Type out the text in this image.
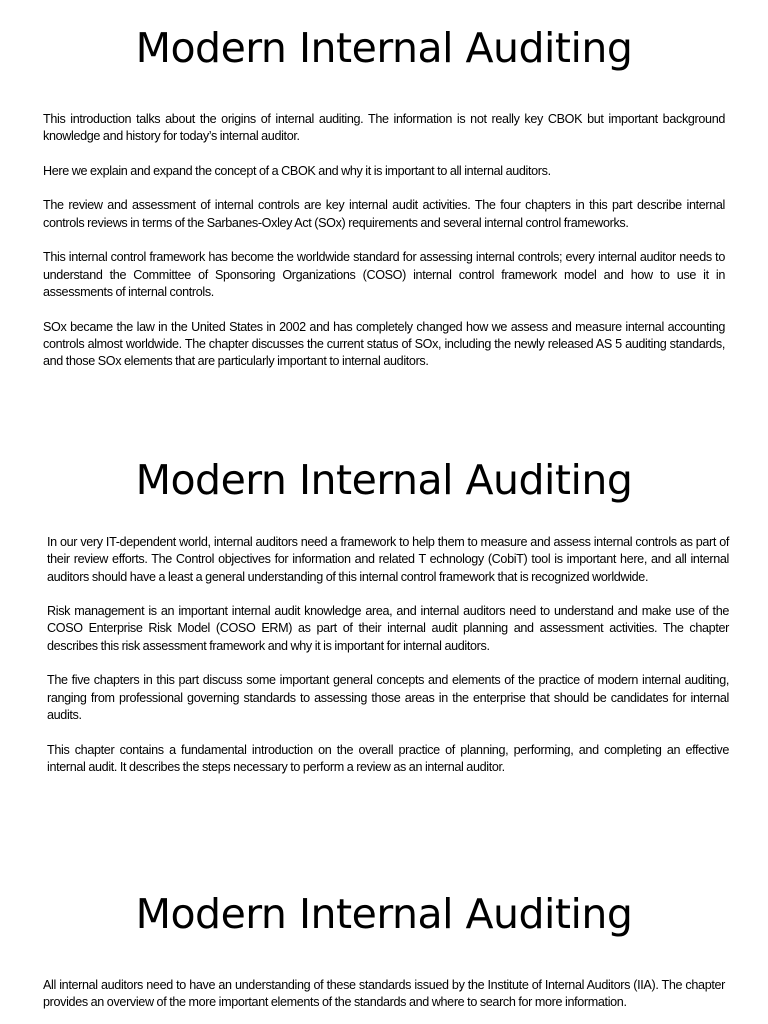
Modern Internal Auditing

This introduction talks about the origins of internal auditing. The information is not really key CBOK but important background knowledge and history for today’s internal auditor.

Here we explain and expand the concept of a CBOK and why it is important to all internal auditors.

The review and assessment of internal controls are key internal audit activities. The four chapters in this part describe internal controls reviews in terms of the Sarbanes-Oxley Act (SOx) requirements and several internal control frameworks.

This internal control framework has become the worldwide standard for assessing internal controls; every internal auditor needs to understand the Committee of Sponsoring Organizations (COSO) internal control framework model and how to use it in assessments of internal controls.

SOx became the law in the United States in 2002 and has completely changed how we assess and measure internal accounting controls almost worldwide. The chapter discusses the current status of SOx, including the newly released AS 5 auditing standards, and those SOx elements that are particularly important to internal auditors.

Modern Internal Auditing

In our very IT-dependent world, internal auditors need a framework to help them to measure and assess internal controls as part of their review efforts. The Control objectives for information and related T echnology (CobiT) tool is important here, and all internal auditors should have a least a general understanding of this internal control framework that is recognized worldwide.

Risk management is an important internal audit knowledge area, and internal auditors need to understand and make use of the COSO Enterprise Risk Model (COSO ERM) as part of their internal audit planning and assessment activities. The chapter describes this risk assessment framework and why it is important for internal auditors.

The five chapters in this part discuss some important general concepts and elements of the practice of modern internal auditing, ranging from professional governing standards to assessing those areas in the enterprise that should be candidates for internal audits.

This chapter contains a fundamental introduction on the overall practice of planning, performing, and completing an effective internal audit. It describes the steps necessary to perform a review as an internal auditor.

Modern Internal Auditing

All internal auditors need to have an understanding of these standards issued by the Institute of Internal Auditors (IIA). The chapter provides an overview of the more important elements of the standards and where to search for more information.
